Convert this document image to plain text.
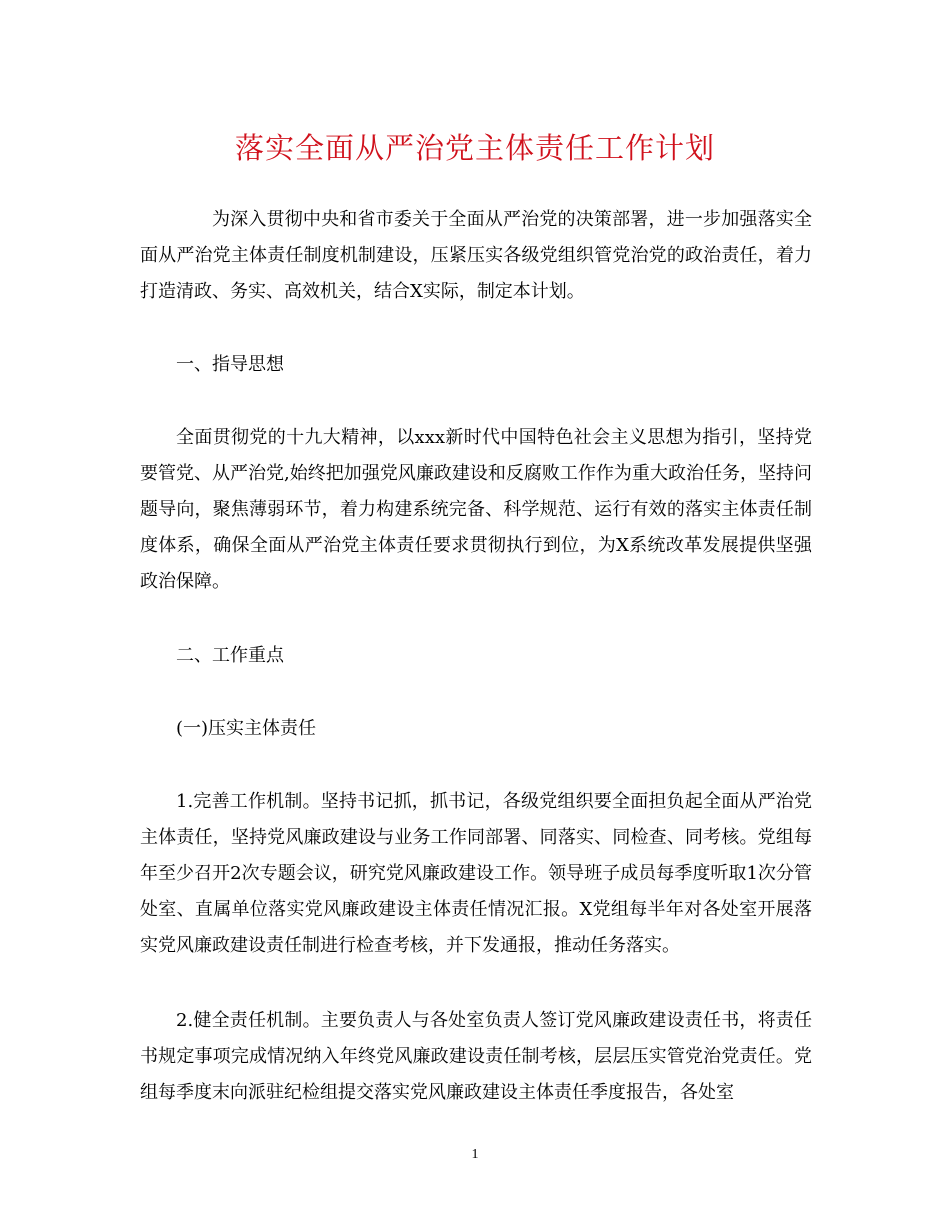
落实全面从严治党主体责任工作计划
为深入贯彻中央和省市委关于全面从严治党的决策部署，进一步加强落实全面从严治党主体责任制度机制建设，压紧压实各级党组织管党治党的政治责任，着力打造清政、务实、高效机关，结合X实际，制定本计划。
一、指导思想
全面贯彻党的十九大精神，以xxx新时代中国特色社会主义思想为指引，坚持党要管党、从严治党,始终把加强党风廉政建设和反腐败工作作为重大政治任务，坚持问题导向，聚焦薄弱环节，着力构建系统完备、科学规范、运行有效的落实主体责任制度体系，确保全面从严治党主体责任要求贯彻执行到位，为X系统改革发展提供坚强政治保障。
二、工作重点
(一)压实主体责任
1.完善工作机制。坚持书记抓，抓书记，各级党组织要全面担负起全面从严治党主体责任，坚持党风廉政建设与业务工作同部署、同落实、同检查、同考核。党组每年至少召开2次专题会议，研究党风廉政建设工作。领导班子成员每季度听取1次分管处室、直属单位落实党风廉政建设主体责任情况汇报。X党组每半年对各处室开展落实党风廉政建设责任制进行检查考核，并下发通报，推动任务落实。
2.健全责任机制。主要负责人与各处室负责人签订党风廉政建设责任书，将责任书规定事项完成情况纳入年终党风廉政建设责任制考核，层层压实管党治党责任。党组每季度末向派驻纪检组提交落实党风廉政建设主体责任季度报告，各处室
1
